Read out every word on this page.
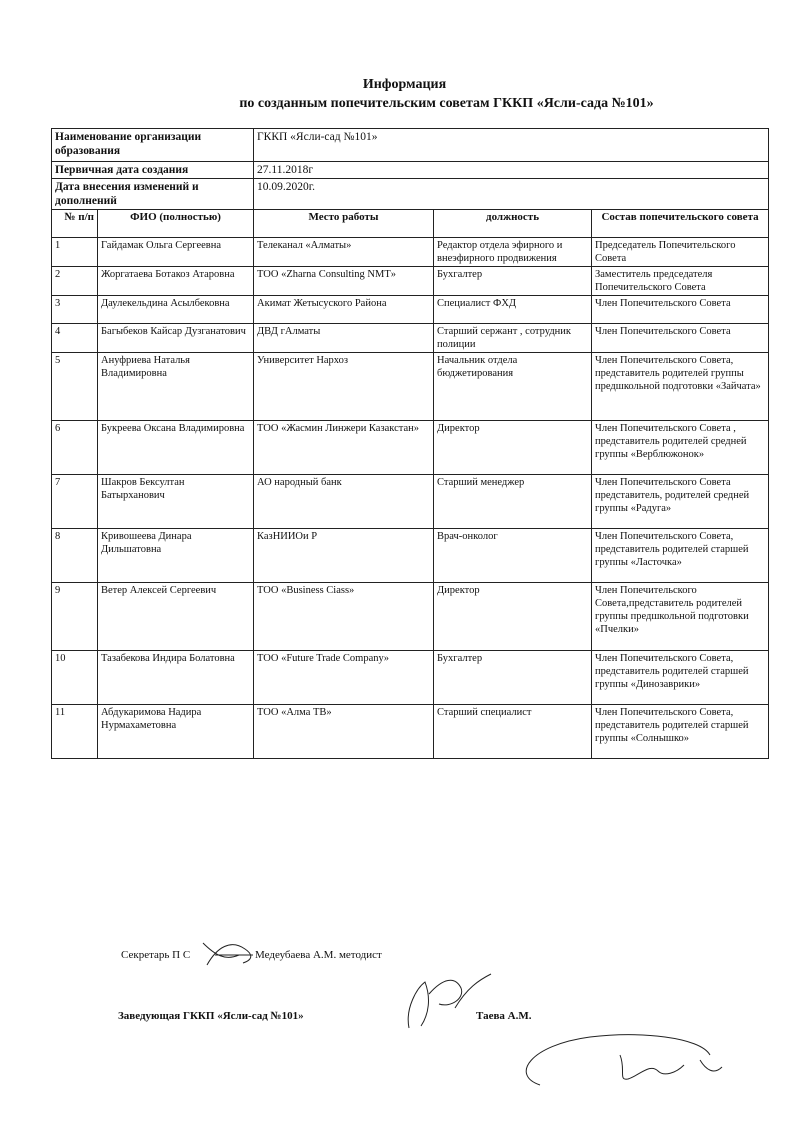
Информация
по созданным попечительским советам ГККП «Ясли-сада №101»
Наименование организации образования		ГККП «Ясли-сад №101»		
Первичная дата создания		27.11.2018г		
Дата внесения изменений и дополнений		10.09.2020г.		
№ п/п	ФИО (полностью)	Место работы	должность	Состав попечительского совета
1	Гайдамак Ольга Сергеевна	Телеканал «Алматы»	Редактор отдела эфирного и внеэфирного продвижения	Председатель Попечительского Совета
2	Жоргатаева Ботакоз Атаровна	ТОО «Zharna Consulting NMT»	Бухгалтер	Заместитель председателя Попечительского Совета
3	Даулекельдина Асылбековна	Акимат Жетысуского Района	Специалист ФХД	Член Попечительского Совета
4	Багыбеков Кайсар Дузганатович	ДВД гАлматы	Старший сержант , сотрудник полиции	Член Попечительского Совета
5	Ануфриева Наталья Владимировна	Университет Нархоз	Начальник отдела бюджетирования	Член Попечительского Совета, представитель родителей группы предшкольной подготовки «Зайчата»
6	Букреева Оксана Владимировна	ТОО «Жасмин Линжери Казакстан»	Директор	Член Попечительского Совета , представитель родителей средней группы «Верблюжонок»
7	Шакров Бексултан Батырханович	АО народный банк	Старший менеджер	Член Попечительского Совета представитель, родителей средней группы «Радуга»
8	Кривошеева Динара Дильшатовна	КазНИИОи Р	Врач-онколог	Член Попечительского Совета, представитель родителей старшей группы «Ласточка»
9	Ветер Алексей Сергеевич	ТОО «Business Ciass»	Директор	Член Попечительского Совета,представитель родителей группы предшкольной подготовки «Пчелки»
10	Тазабекова Индира Болатовна	ТОО «Future Trade Company»	Бухгалтер	Член Попечительского Совета, представитель родителей старшей группы «Динозаврики»
11	Абдукаримова Надира Нурмахаметовна	ТОО «Алма ТВ»	Старший специалист	Член Попечительского Совета, представитель родителей старшей группы «Солнышко»
Секретарь П С	Медеубаева А.М. методист
Заведующая ГККП «Ясли-сад №101»	Таева А.М.
